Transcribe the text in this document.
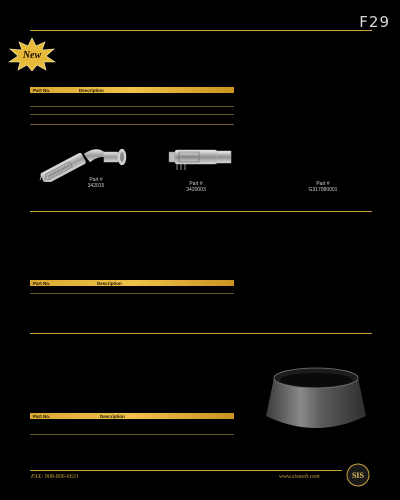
F29
New
Part No.	Description
Part #
342015	Part #
3420003
Part #
G317080001
Part No.	Description
Part No.	Description
FAX: 908-806-6631	www.sisweb.com	SIS
